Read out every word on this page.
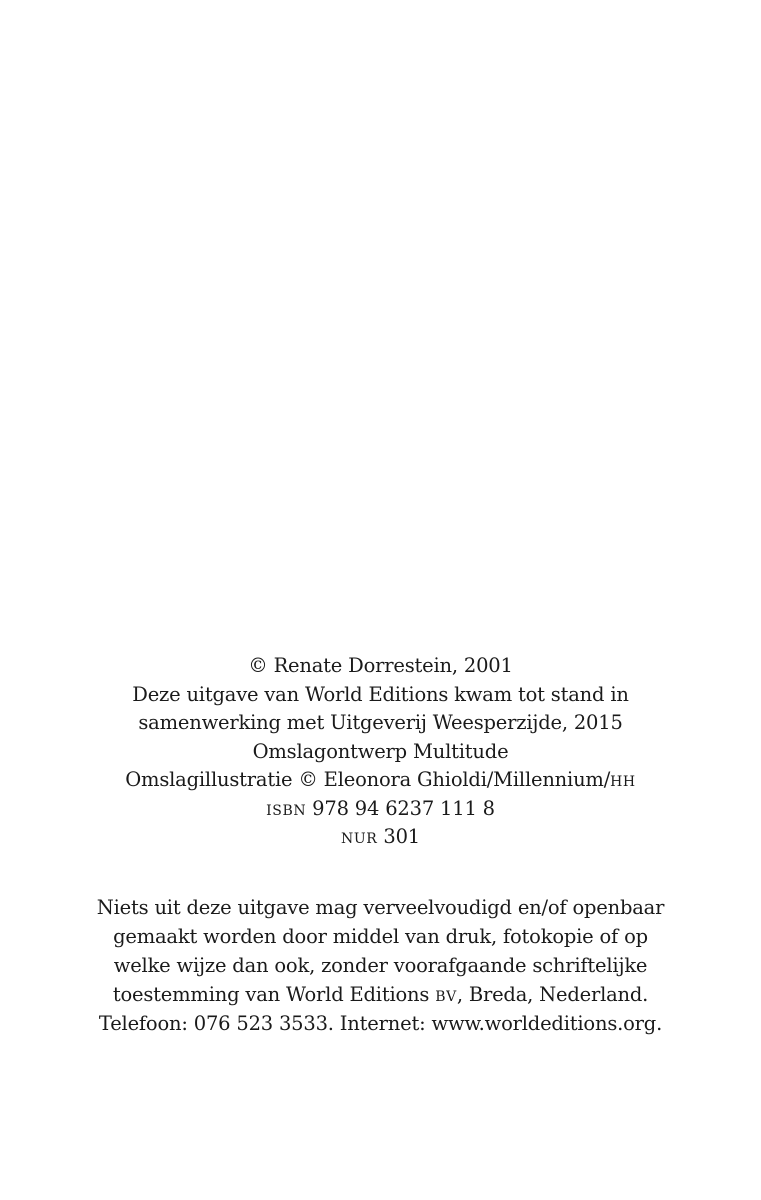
© Renate Dorrestein, 2001
Deze uitgave van World Editions kwam tot stand in
samenwerking met Uitgeverij Weesperzijde, 2015
Omslagontwerp Multitude
Omslagillustratie © Eleonora Ghioldi/Millennium/hh
isbn 978 94 6237 111 8
nur 301
Niets uit deze uitgave mag verveelvoudigd en/of openbaar
gemaakt worden door middel van druk, fotokopie of op
welke wijze dan ook, zonder voorafgaande schriftelijke
toestemming van World Editions bv, Breda, Nederland.
Telefoon: 076 523 3533. Internet: www.worldeditions.org.
